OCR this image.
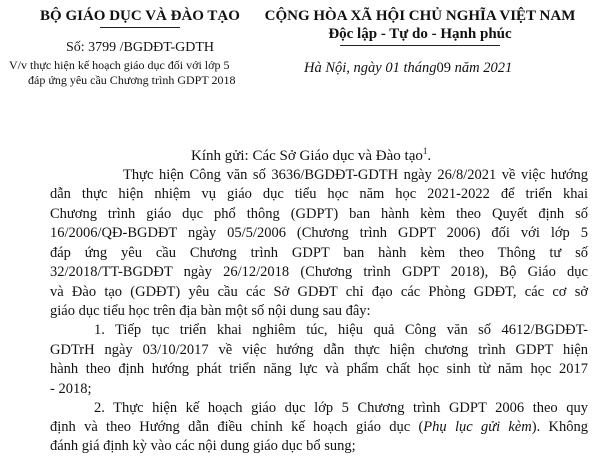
BỘ GIÁO DỤC VÀ ĐÀO TẠO
Số: 3799 /BGDĐT-GDTH
V/v thực hiện kế hoạch giáo dục đối với lớp 5
đáp ứng yêu cầu Chương trình GDPT 2018
CỘNG HÒA XÃ HỘI CHỦ NGHĨA VIỆT NAM
Độc lập - Tự do - Hạnh phúc
Hà Nội, ngày 01 tháng09 năm 2021
Kính gửi: Các Sở Giáo dục và Đào tạo$^1$.
Thực hiện Công văn số 3636/BGDĐT-GDTH ngày 26/8/2021 về việc hướng
dẫn thực hiện nhiệm vụ giáo dục tiểu học năm học 2021-2022 để triển khai
Chương trình giáo dục phổ thông (GDPT) ban hành kèm theo Quyết định số
16/2006/QĐ-BGDĐT ngày 05/5/2006 (Chương trình GDPT 2006) đối với lớp 5
đáp ứng yêu cầu Chương trình GDPT ban hành kèm theo Thông tư số
32/2018/TT-BGDĐT ngày 26/12/2018 (Chương trình GDPT 2018), Bộ Giáo dục
và Đào tạo (GDĐT) yêu cầu các Sở GDĐT chỉ đạo các Phòng GDĐT, các cơ sở
giáo dục tiểu học trên địa bàn một số nội dung sau đây:
1. Tiếp tục triển khai nghiêm túc, hiệu quả Công văn số 4612/BGDĐT-
GDTrH ngày 03/10/2017 về việc hướng dẫn thực hiện chương trình GDPT hiện
hành theo định hướng phát triển năng lực và phẩm chất học sinh từ năm học 2017
- 2018;
2. Thực hiện kế hoạch giáo dục lớp 5 Chương trình GDPT 2006 theo quy
định và theo Hướng dẫn điều chỉnh kế hoạch giáo dục (Phụ lục gửi kèm). Không
đánh giá định kỳ vào các nội dung giáo dục bổ sung;
